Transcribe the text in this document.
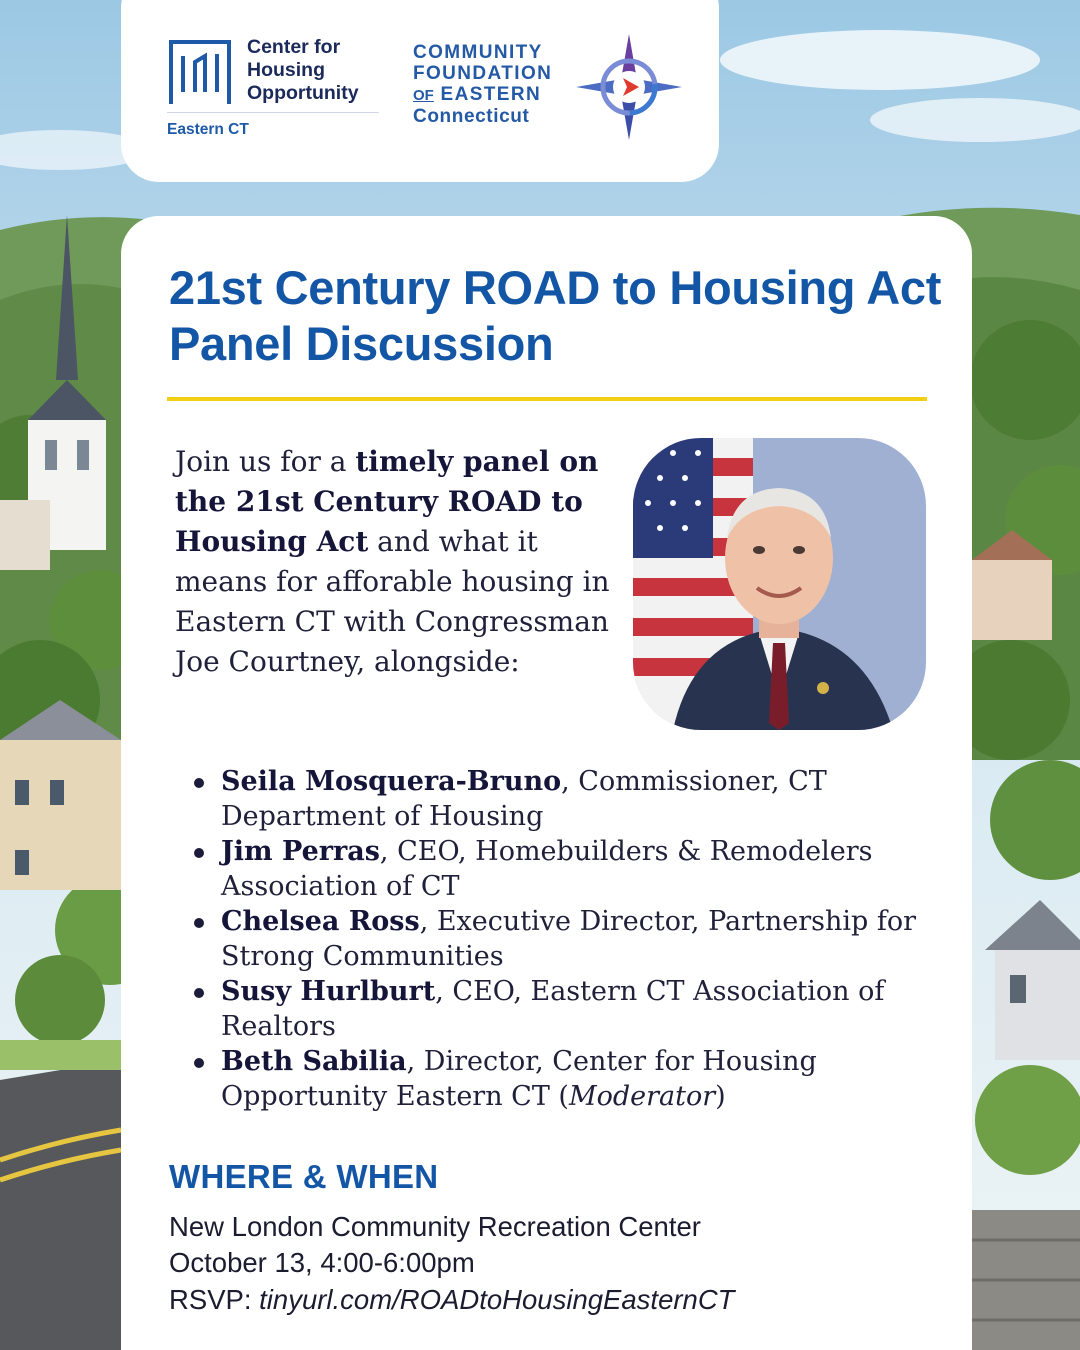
Center for
Housing
Opportunity
Eastern CT
COMMUNITY
FOUNDATION
OF EASTERN
Connecticut
21st Century ROAD to Housing Act Panel Discussion

Join us for a timely panel on the 21st Century ROAD to Housing Act and what it means for afforable housing in Eastern CT with Congressman Joe Courtney, alongside:

Seila Mosquera-Bruno, Commissioner, CT Department of Housing
Jim Perras, CEO, Homebuilders & Remodelers Association of CT
Chelsea Ross, Executive Director, Partnership for Strong Communities
Susy Hurlburt, CEO, Eastern CT Association of Realtors
Beth Sabilia, Director, Center for Housing Opportunity Eastern CT (Moderator)
WHERE & WHEN
New London Community Recreation Center
October 13, 4:00-6:00pm
RSVP: tinyurl.com/ROADtoHousingEasternCT
